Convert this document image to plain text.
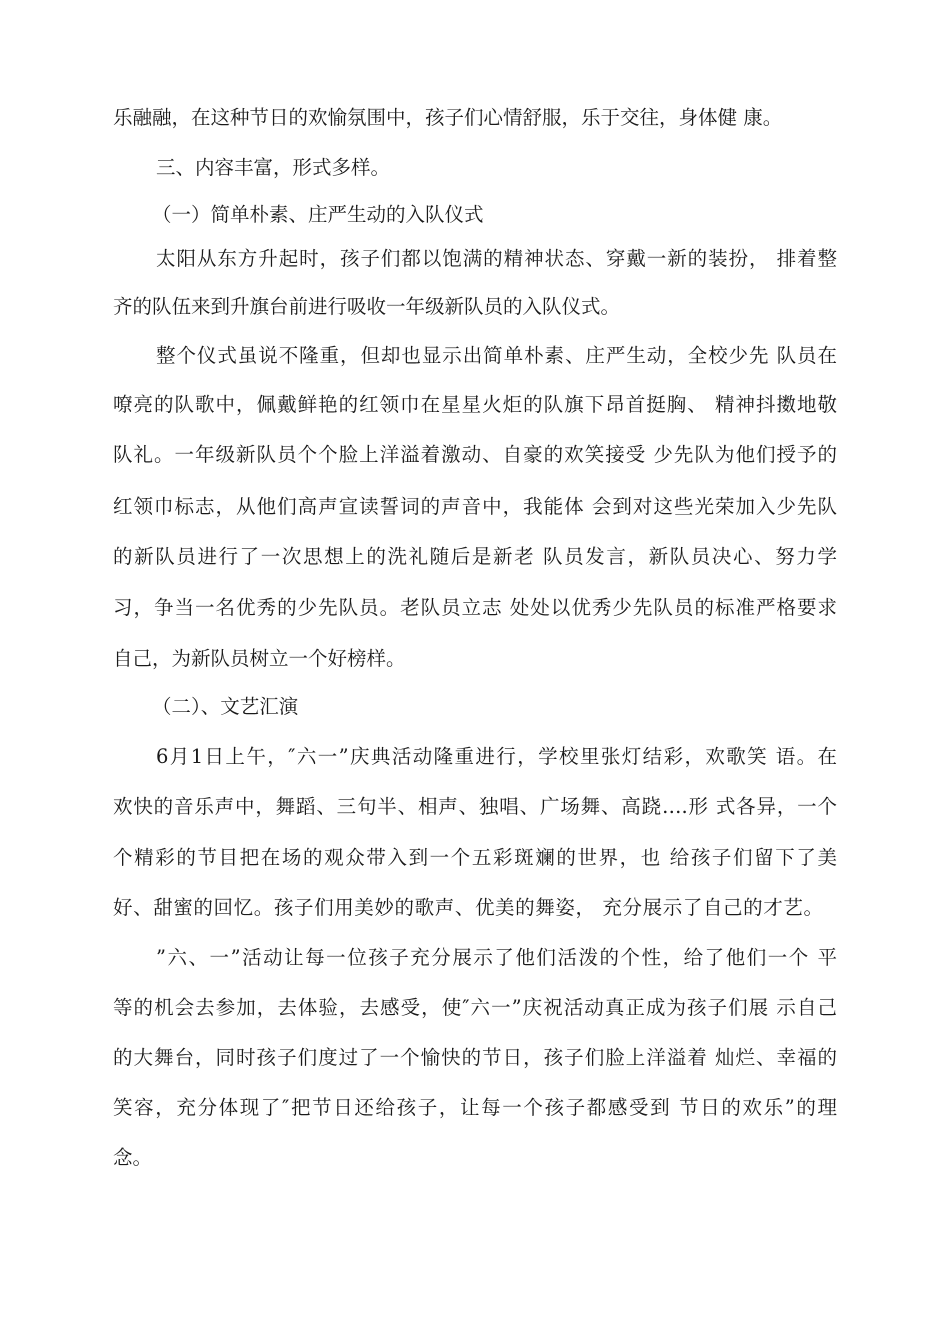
乐融融，在这种节日的欢愉氛围中，孩子们心情舒服，乐于交往，身体健 康。
三、内容丰富，形式多样。
（一）简单朴素、庄严生动的入队仪式
太阳从东方升起时，孩子们都以饱满的精神状态、穿戴一新的装扮， 排着整
齐的队伍来到升旗台前进行吸收一年级新队员的入队仪式。
整个仪式虽说不隆重，但却也显示出简单朴素、庄严生动，全校少先 队员在
嘹亮的队歌中，佩戴鲜艳的红领巾在星星火炬的队旗下昂首挺胸、 精神抖擞地敬
队礼。一年级新队员个个脸上洋溢着激动、自豪的欢笑接受 少先队为他们授予的
红领巾标志，从他们高声宣读誓词的声音中，我能体 会到对这些光荣加入少先队
的新队员进行了一次思想上的洗礼随后是新老 队员发言，新队员决心、努力学
习，争当一名优秀的少先队员。老队员立志 处处以优秀少先队员的标准严格要求
自己，为新队员树立一个好榜样。
（二）、文艺汇演
6月1日上午，″六一”庆典活动隆重进行，学校里张灯结彩，欢歌笑 语。在
欢快的音乐声中，舞蹈、三句半、相声、独唱、广场舞、高跷….形 式各异，一个
个精彩的节目把在场的观众带入到一个五彩斑斓的世界，也 给孩子们留下了美
好、甜蜜的回忆。孩子们用美妙的歌声、优美的舞姿， 充分展示了自己的才艺。
”六、一”活动让每一位孩子充分展示了他们活泼的个性，给了他们一个 平
等的机会去参加，去体验，去感受，使″六一”庆祝活动真正成为孩子们展 示自己
的大舞台，同时孩子们度过了一个愉快的节日，孩子们脸上洋溢着 灿烂、幸福的
笑容，充分体现了″把节日还给孩子，让每一个孩子都感受到 节日的欢乐”的理
念。
